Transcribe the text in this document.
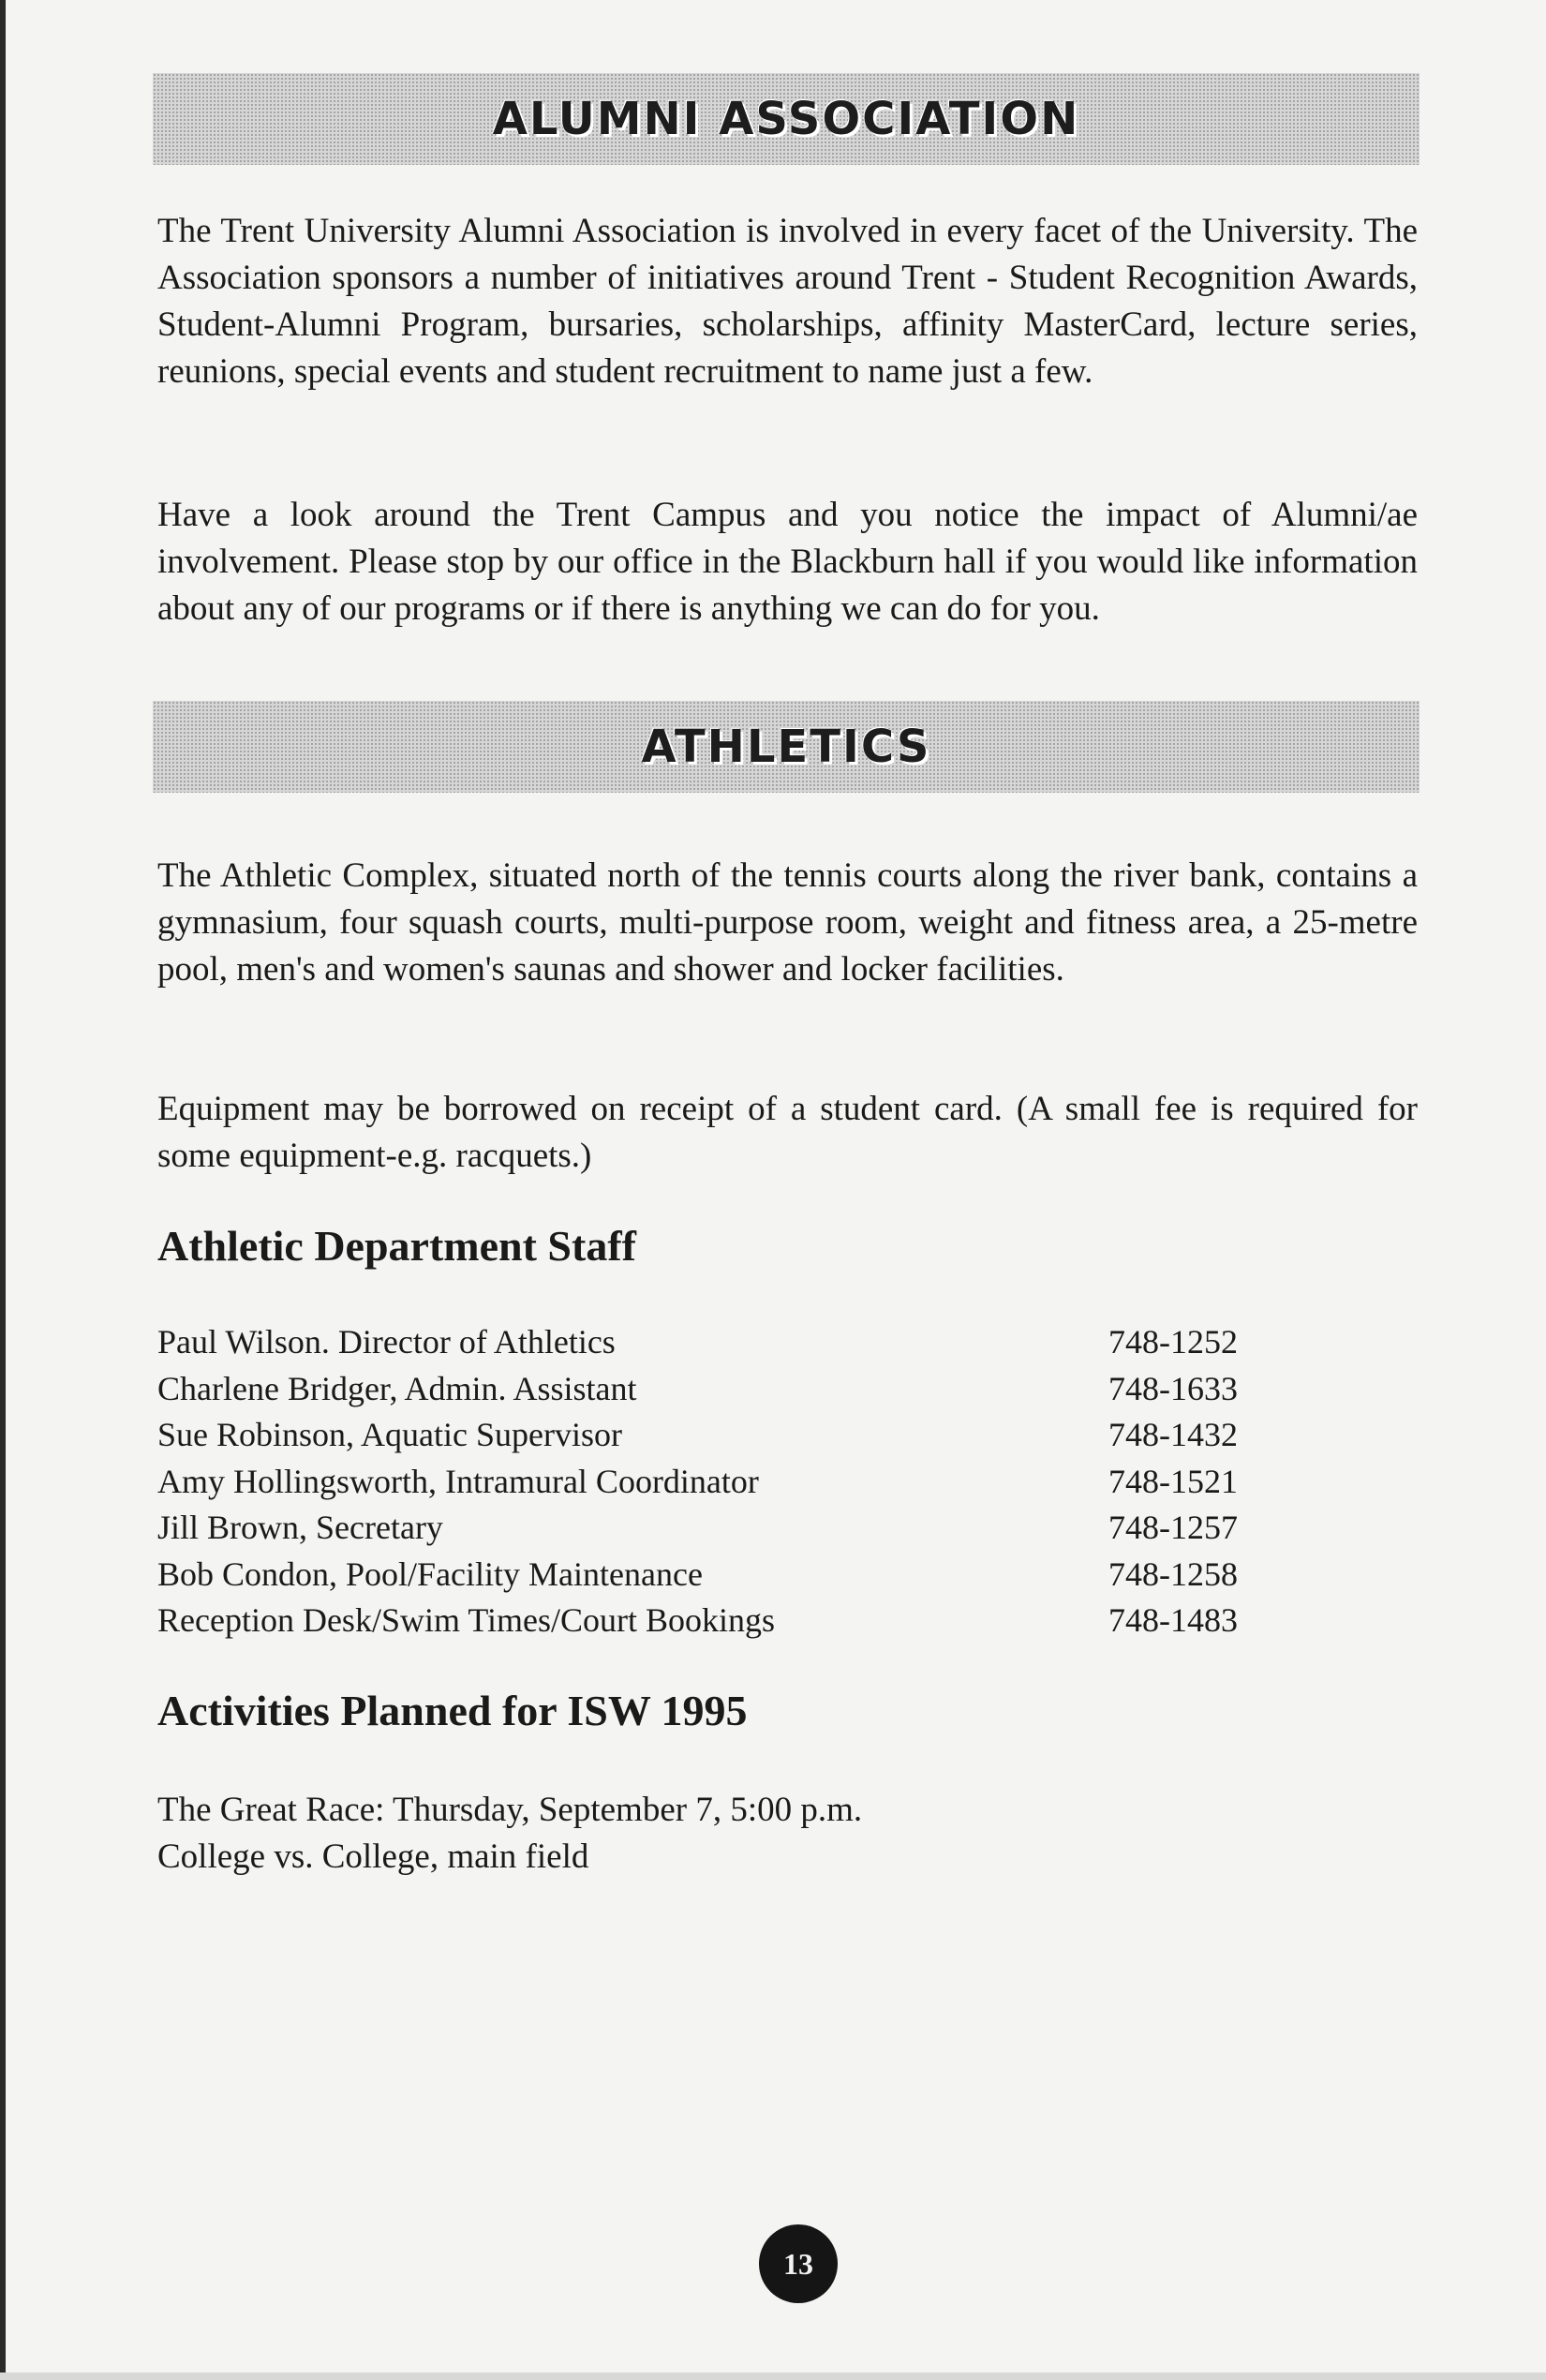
ALUMNI ASSOCIATION

The Trent University Alumni Association is involved in every facet of the University. The Association sponsors a number of initiatives around Trent - Student Recognition Awards, Student-Alumni Program, bursaries, scholarships, affinity MasterCard, lecture series, reunions, special events and student recruitment to name just a few.

Have a look around the Trent Campus and you notice the impact of Alumni/ae involvement. Please stop by our office in the Blackburn hall if you would like information about any of our programs or if there is anything we can do for you.

ATHLETICS

The Athletic Complex, situated north of the tennis courts along the river bank, contains a gymnasium, four squash courts, multi-purpose room, weight and fitness area, a 25-metre pool, men's and women's saunas and shower and locker facilities.

Equipment may be borrowed on receipt of a student card. (A small fee is required for some equipment-e.g. racquets.)

Athletic Department Staff
Paul Wilson. Director of Athletics	748-1252
Charlene Bridger, Admin. Assistant	748-1633
Sue Robinson, Aquatic Supervisor	748-1432
Amy Hollingsworth, Intramural Coordinator	748-1521
Jill Brown, Secretary	748-1257
Bob Condon, Pool/Facility Maintenance	748-1258
Reception Desk/Swim Times/Court Bookings	748-1483
Activities Planned for ISW 1995

The Great Race: Thursday, September 7, 5:00 p.m.

College vs. College, main field

13
